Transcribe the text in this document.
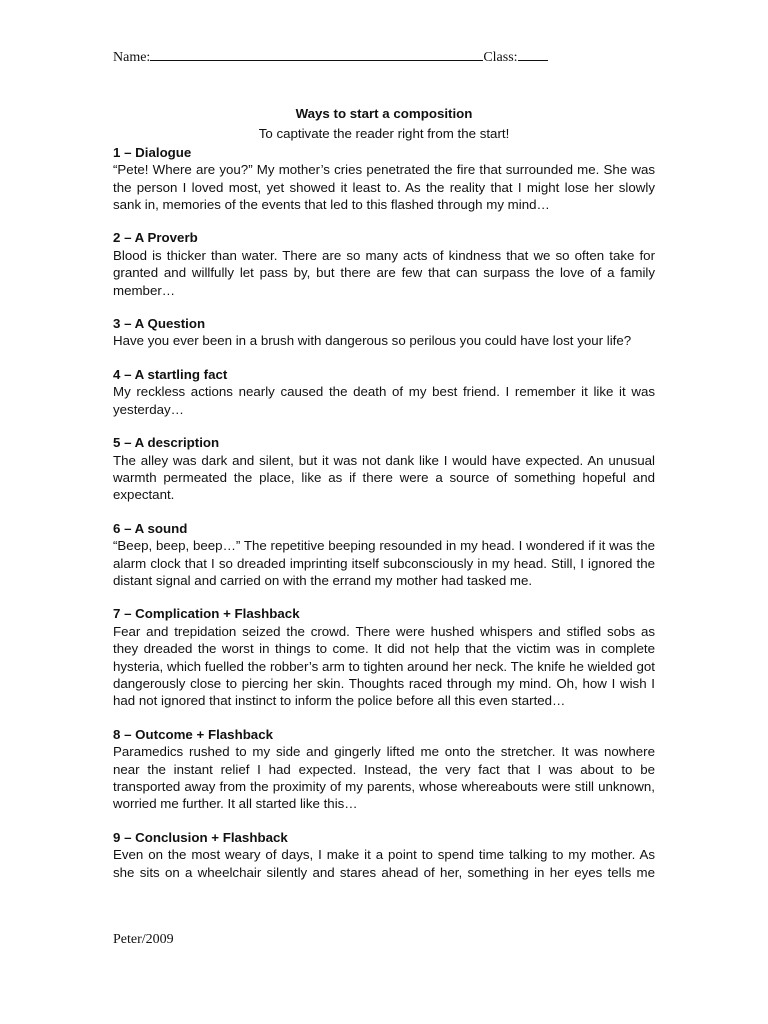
Name:	Class:

Ways to start a composition

To captivate the reader right from the start!

1 – Dialogue

“Pete! Where are you?” My mother’s cries penetrated the fire that surrounded me. She was the person I loved most, yet showed it least to. As the reality that I might lose her slowly sank in, memories of the events that led to this flashed through my mind…

2 – A Proverb

Blood is thicker than water. There are so many acts of kindness that we so often take for granted and willfully let pass by, but there are few that can surpass the love of a family member…

3 – A Question

Have you ever been in a brush with dangerous so perilous you could have lost your life?

4 – A startling fact

My reckless actions nearly caused the death of my best friend. I remember it like it was yesterday…

5 – A description

The alley was dark and silent, but it was not dank like I would have expected. An unusual warmth permeated the place, like as if there were a source of something hopeful and expectant.

6 – A sound

“Beep, beep, beep…” The repetitive beeping resounded in my head. I wondered if it was the alarm clock that I so dreaded imprinting itself subconsciously in my head. Still, I ignored the distant signal and carried on with the errand my mother had tasked me.

7 – Complication + Flashback

Fear and trepidation seized the crowd. There were hushed whispers and stifled sobs as they dreaded the worst in things to come. It did not help that the victim was in complete hysteria, which fuelled the robber’s arm to tighten around her neck. The knife he wielded got dangerously close to piercing her skin. Thoughts raced through my mind. Oh, how I wish I had not ignored that instinct to inform the police before all this even started…

8 – Outcome + Flashback

Paramedics rushed to my side and gingerly lifted me onto the stretcher. It was nowhere near the instant relief I had expected. Instead, the very fact that I was about to be transported away from the proximity of my parents, whose whereabouts were still unknown, worried me further. It all started like this…

9 – Conclusion + Flashback

Even on the most weary of days, I make it a point to spend time talking to my mother. As she sits on a wheelchair silently and stares ahead of her, something in her eyes tells me

Peter/2009
